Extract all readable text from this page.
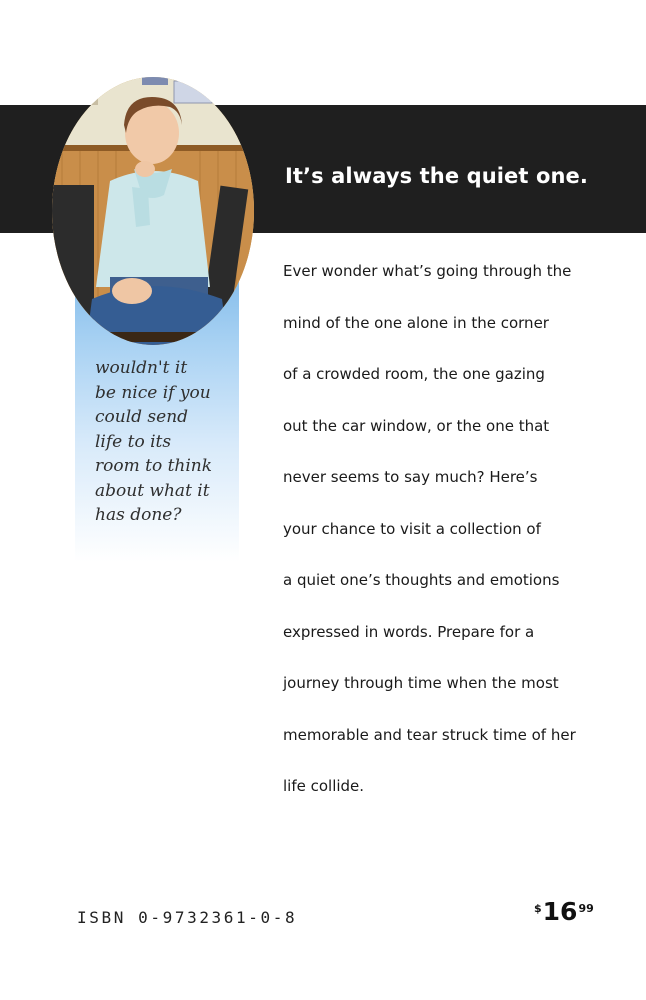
It’s always the quiet one.

wouldn't it
be nice if you
could send
life to its
room to think
about what it
has done?

Ever wonder what’s going through the
mind of the one alone in the corner
of a crowded room, the one gazing
out the car window, or the one that
never seems to say much? Here’s
your chance to visit a collection of
a quiet one’s thoughts and emotions
expressed in words. Prepare for a
journey through time when the most
memorable and tear struck time of her
life collide.

ISBN 0-9732361-0-8	$^{\$}16^{99}$
